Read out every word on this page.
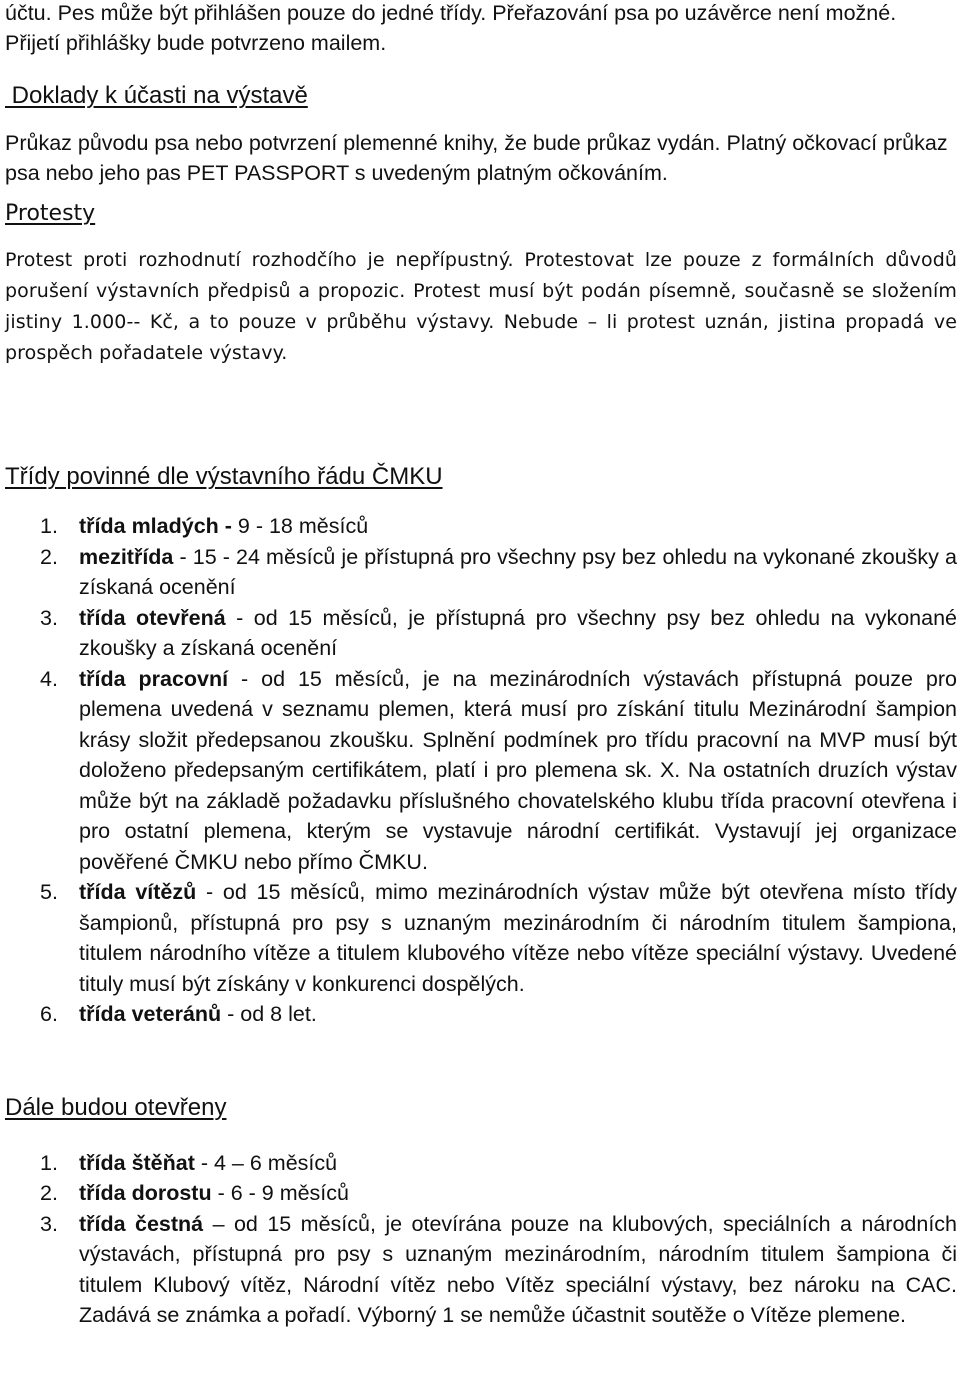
účtu. Pes může být přihlášen pouze do jedné třídy. Přeřazování psa po uzávěrce není možné.
Přijetí přihlášky bude potvrzeno mailem.

Doklady k účasti na výstavě

Průkaz původu psa nebo potvrzení plemenné knihy, že bude průkaz vydán. Platný očkovací průkaz psa nebo jeho pas PET PASSPORT s uvedeným platným očkováním.

Protesty

Protest proti rozhodnutí rozhodčího je nepřípustný. Protestovat lze pouze z formálních důvodů porušení výstavních předpisů a propozic. Protest musí být podán písemně, současně se složením jistiny 1.000-- Kč, a to pouze v průběhu výstavy. Nebude – li protest uznán, jistina propadá ve prospěch pořadatele výstavy.

Třídy povinné dle výstavního řádu ČMKU
1. třída mladých - 9 - 18 měsíců
2. mezitřída - 15 - 24 měsíců je přístupná pro všechny psy bez ohledu na vykonané zkoušky a získaná ocenění
3. třída otevřená - od 15 měsíců, je přístupná pro všechny psy bez ohledu na vykonané zkoušky a získaná ocenění
4. třída pracovní - od 15 měsíců, je na mezinárodních výstavách přístupná pouze pro plemena uvedená v seznamu plemen, která musí pro získání titulu Mezinárodní šampion krásy složit předepsanou zkoušku. Splnění podmínek pro třídu pracovní na MVP musí být doloženo předepsaným certifikátem, platí i pro plemena sk. X. Na ostatních druzích výstav může být na základě požadavku příslušného chovatelského klubu třída pracovní otevřena i pro ostatní plemena, kterým se vystavuje národní certifikát. Vystavují jej organizace pověřené ČMKU nebo přímo ČMKU.
5. třída vítězů - od 15 měsíců, mimo mezinárodních výstav může být otevřena místo třídy šampionů, přístupná pro psy s uznaným mezinárodním či národním titulem šampiona, titulem národního vítěze a titulem klubového vítěze nebo vítěze speciální výstavy. Uvedené tituly musí být získány v konkurenci dospělých.
6. třída veteránů - od 8 let.
Dále budou otevřeny
1. třída štěňat - 4 – 6 měsíců
2. třída dorostu - 6 - 9 měsíců
3. třída čestná – od 15 měsíců, je otevírána pouze na klubových, speciálních a národních výstavách, přístupná pro psy s uznaným mezinárodním, národním titulem šampiona či titulem Klubový vítěz, Národní vítěz nebo Vítěz speciální výstavy, bez nároku na CAC. Zadává se známka a pořadí. Výborný 1 se nemůže účastnit soutěže o Vítěze plemene.
